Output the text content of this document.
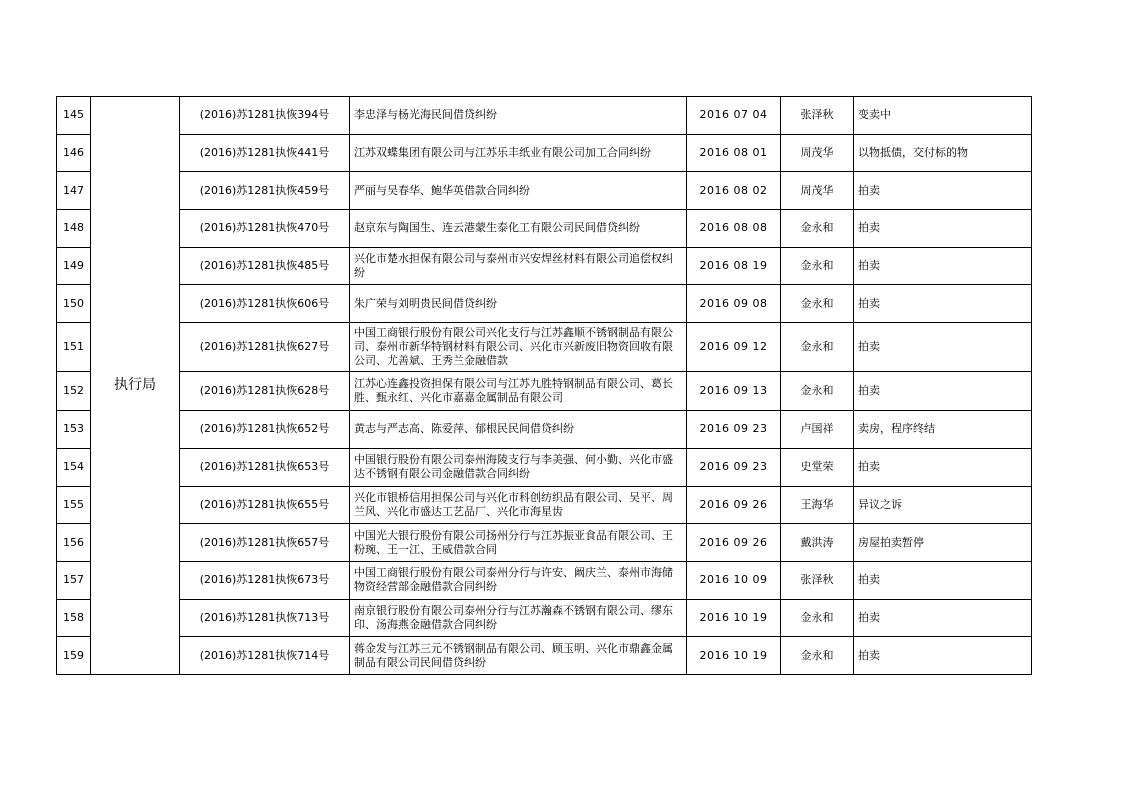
145	执行局	(2016)苏1281执恢394号	李忠泽与杨光海民间借贷纠纷	2016 07 04	张泽秋	变卖中
146		(2016)苏1281执恢441号	江苏双蝶集团有限公司与江苏乐丰纸业有限公司加工合同纠纷	2016 08 01	周茂华	以物抵债，交付标的物
147		(2016)苏1281执恢459号	严丽与吴春华、鲍华英借款合同纠纷	2016 08 02	周茂华	拍卖
148		(2016)苏1281执恢470号	赵京东与陶国生、连云港蒙生泰化工有限公司民间借贷纠纷	2016 08 08	金永和	拍卖
149		(2016)苏1281执恢485号	兴化市楚水担保有限公司与泰州市兴安焊丝材料有限公司追偿权纠纷	2016 08 19	金永和	拍卖
150		(2016)苏1281执恢606号	朱广荣与刘明贵民间借贷纠纷	2016 09 08	金永和	拍卖
151		(2016)苏1281执恢627号	中国工商银行股份有限公司兴化支行与江苏鑫顺不锈钢制品有限公司、泰州市新华特钢材料有限公司、兴化市兴新废旧物资回收有限公司、尤善斌、王秀兰金融借款	2016 09 12	金永和	拍卖
152		(2016)苏1281执恢628号	江苏心连鑫投资担保有限公司与江苏九胜特钢制品有限公司、葛长胜、甄永红、兴化市嘉嘉金属制品有限公司	2016 09 13	金永和	拍卖
153		(2016)苏1281执恢652号	黄志与严志高、陈爱萍、郁根民民间借贷纠纷	2016 09 23	卢国祥	卖房，程序终结
154		(2016)苏1281执恢653号	中国银行股份有限公司泰州海陵支行与李美强、何小勤、兴化市盛达不锈钢有限公司金融借款合同纠纷	2016 09 23	史堂荣	拍卖
155		(2016)苏1281执恢655号	兴化市银桥信用担保公司与兴化市科创纺织品有限公司、吴平、周兰风、兴化市盛达工艺品厂、兴化市海星齿	2016 09 26	王海华	异议之诉
156		(2016)苏1281执恢657号	中国光大银行股份有限公司扬州分行与江苏振亚食品有限公司、王粉琬、王一江、王威借款合同	2016 09 26	戴洪涛	房屋拍卖暂停
157		(2016)苏1281执恢673号	中国工商银行股份有限公司泰州分行与许安、阚庆兰、泰州市海储物资经营部金融借款合同纠纷	2016 10 09	张泽秋	拍卖
158		(2016)苏1281执恢713号	南京银行股份有限公司泰州分行与江苏瀚森不锈钢有限公司、缪东印、汤海燕金融借款合同纠纷	2016 10 19	金永和	拍卖
159		(2016)苏1281执恢714号	蒋金发与江苏三元不锈钢制品有限公司、顾玉明、兴化市鼎鑫金属制品有限公司民间借贷纠纷	2016 10 19	金永和	拍卖
